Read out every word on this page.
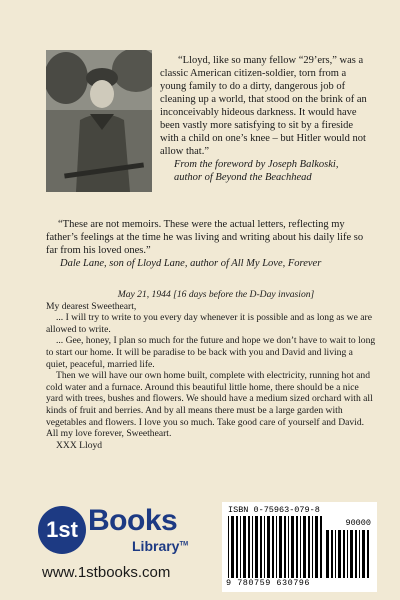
“Lloyd, like so many fellow “29’ers,” was a classic American citizen-soldier, torn from a young family to do a dirty, dangerous job of cleaning up a world, that stood on the brink of an inconceivably hideous darkness. It would have been vastly more satisfying to sit by a fireside with a child on one’s knee – but Hitler would not allow that.”

From the foreword by Joseph Balkoski,

author of Beyond the Beachhead

“These are not memoirs. These were the actual letters, reflecting my father’s feelings at the time he was living and writing about his daily life so far from his loved ones.”

Dale Lane, son of Lloyd Lane, author of All My Love, Forever

May 21, 1944 [16 days before the D-Day invasion]

My dearest Sweetheart,

... I will try to write to you every day whenever it is possible and as long as we are allowed to write.

... Gee, honey, I plan so much for the future and hope we don’t have to wait to long to start our home. It will be paradise to be back with you and David and living a quiet, peaceful, married life.

Then we will have our own home built, complete with electricity, running hot and cold water and a furnace. Around this beautiful little home, there should be a nice yard with trees, bushes and flowers. We should have a medium sized orchard with all kinds of fruit and berries. And by all means there must be a large garden with vegetables and flowers. I love you so much. Take good care of yourself and David. All my love forever, Sweetheart.

XXX Lloyd

1st Books
Library™
www.1stbooks.com
ISBN 0-75963-079-8
90000
9 780759 630796
